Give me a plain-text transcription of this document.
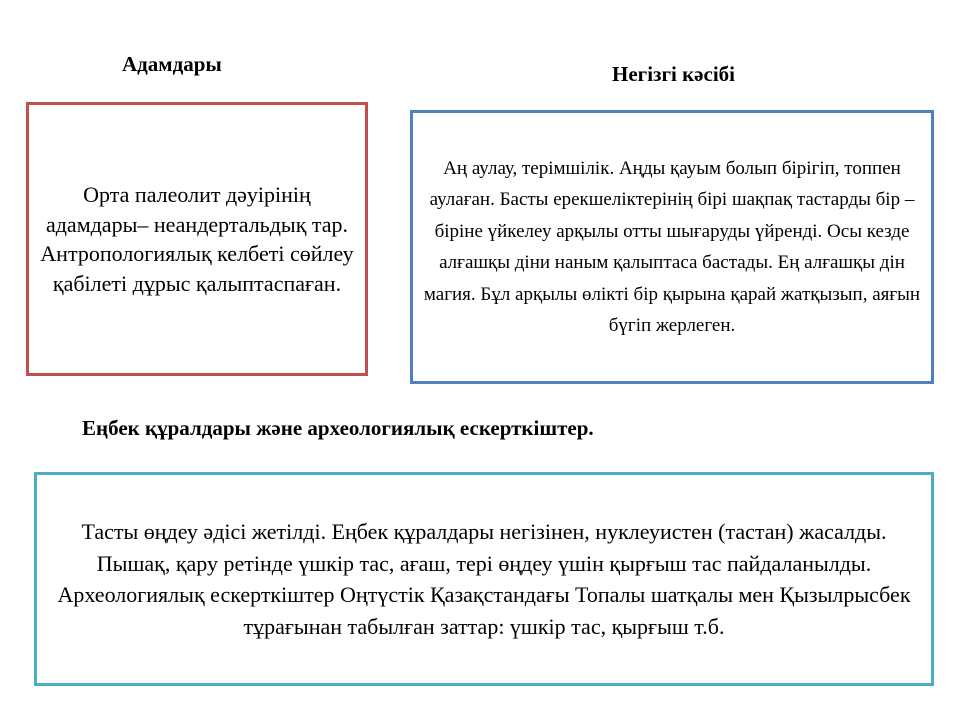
Адамдары	Негізгі кәсібі

Орта палеолит дәуірінің адамдары– неандертальдық тар. Антропологиялық келбеті сөйлеу қабілеті дұрыс қалыптаспаған.

Аң аулау, терімшілік. Аңды қауым болып бірігіп, топпен аулаған. Басты ерекшеліктерінің бірі шақпақ тастарды бір – біріне үйкелеу арқылы отты шығаруды үйренді. Осы кезде алғашқы діни наным қалыптаса бастады. Ең алғашқы дін магия. Бұл арқылы өлікті бір қырына қарай жатқызып, аяғын бүгіп жерлеген.

Еңбек құралдары және археологиялық ескерткіштер.

Тасты өңдеу әдісі жетілді. Еңбек құралдары негізінен, нуклеуистен (тастан) жасалды. Пышақ, қару ретінде үшкір тас, ағаш, тері өңдеу үшін қырғыш тас пайдаланылды. Археологиялық ескерткіштер Оңтүстік Қазақстандағы Топалы шатқалы мен Қызылрысбек тұрағынан табылған заттар: үшкір тас, қырғыш т.б.
